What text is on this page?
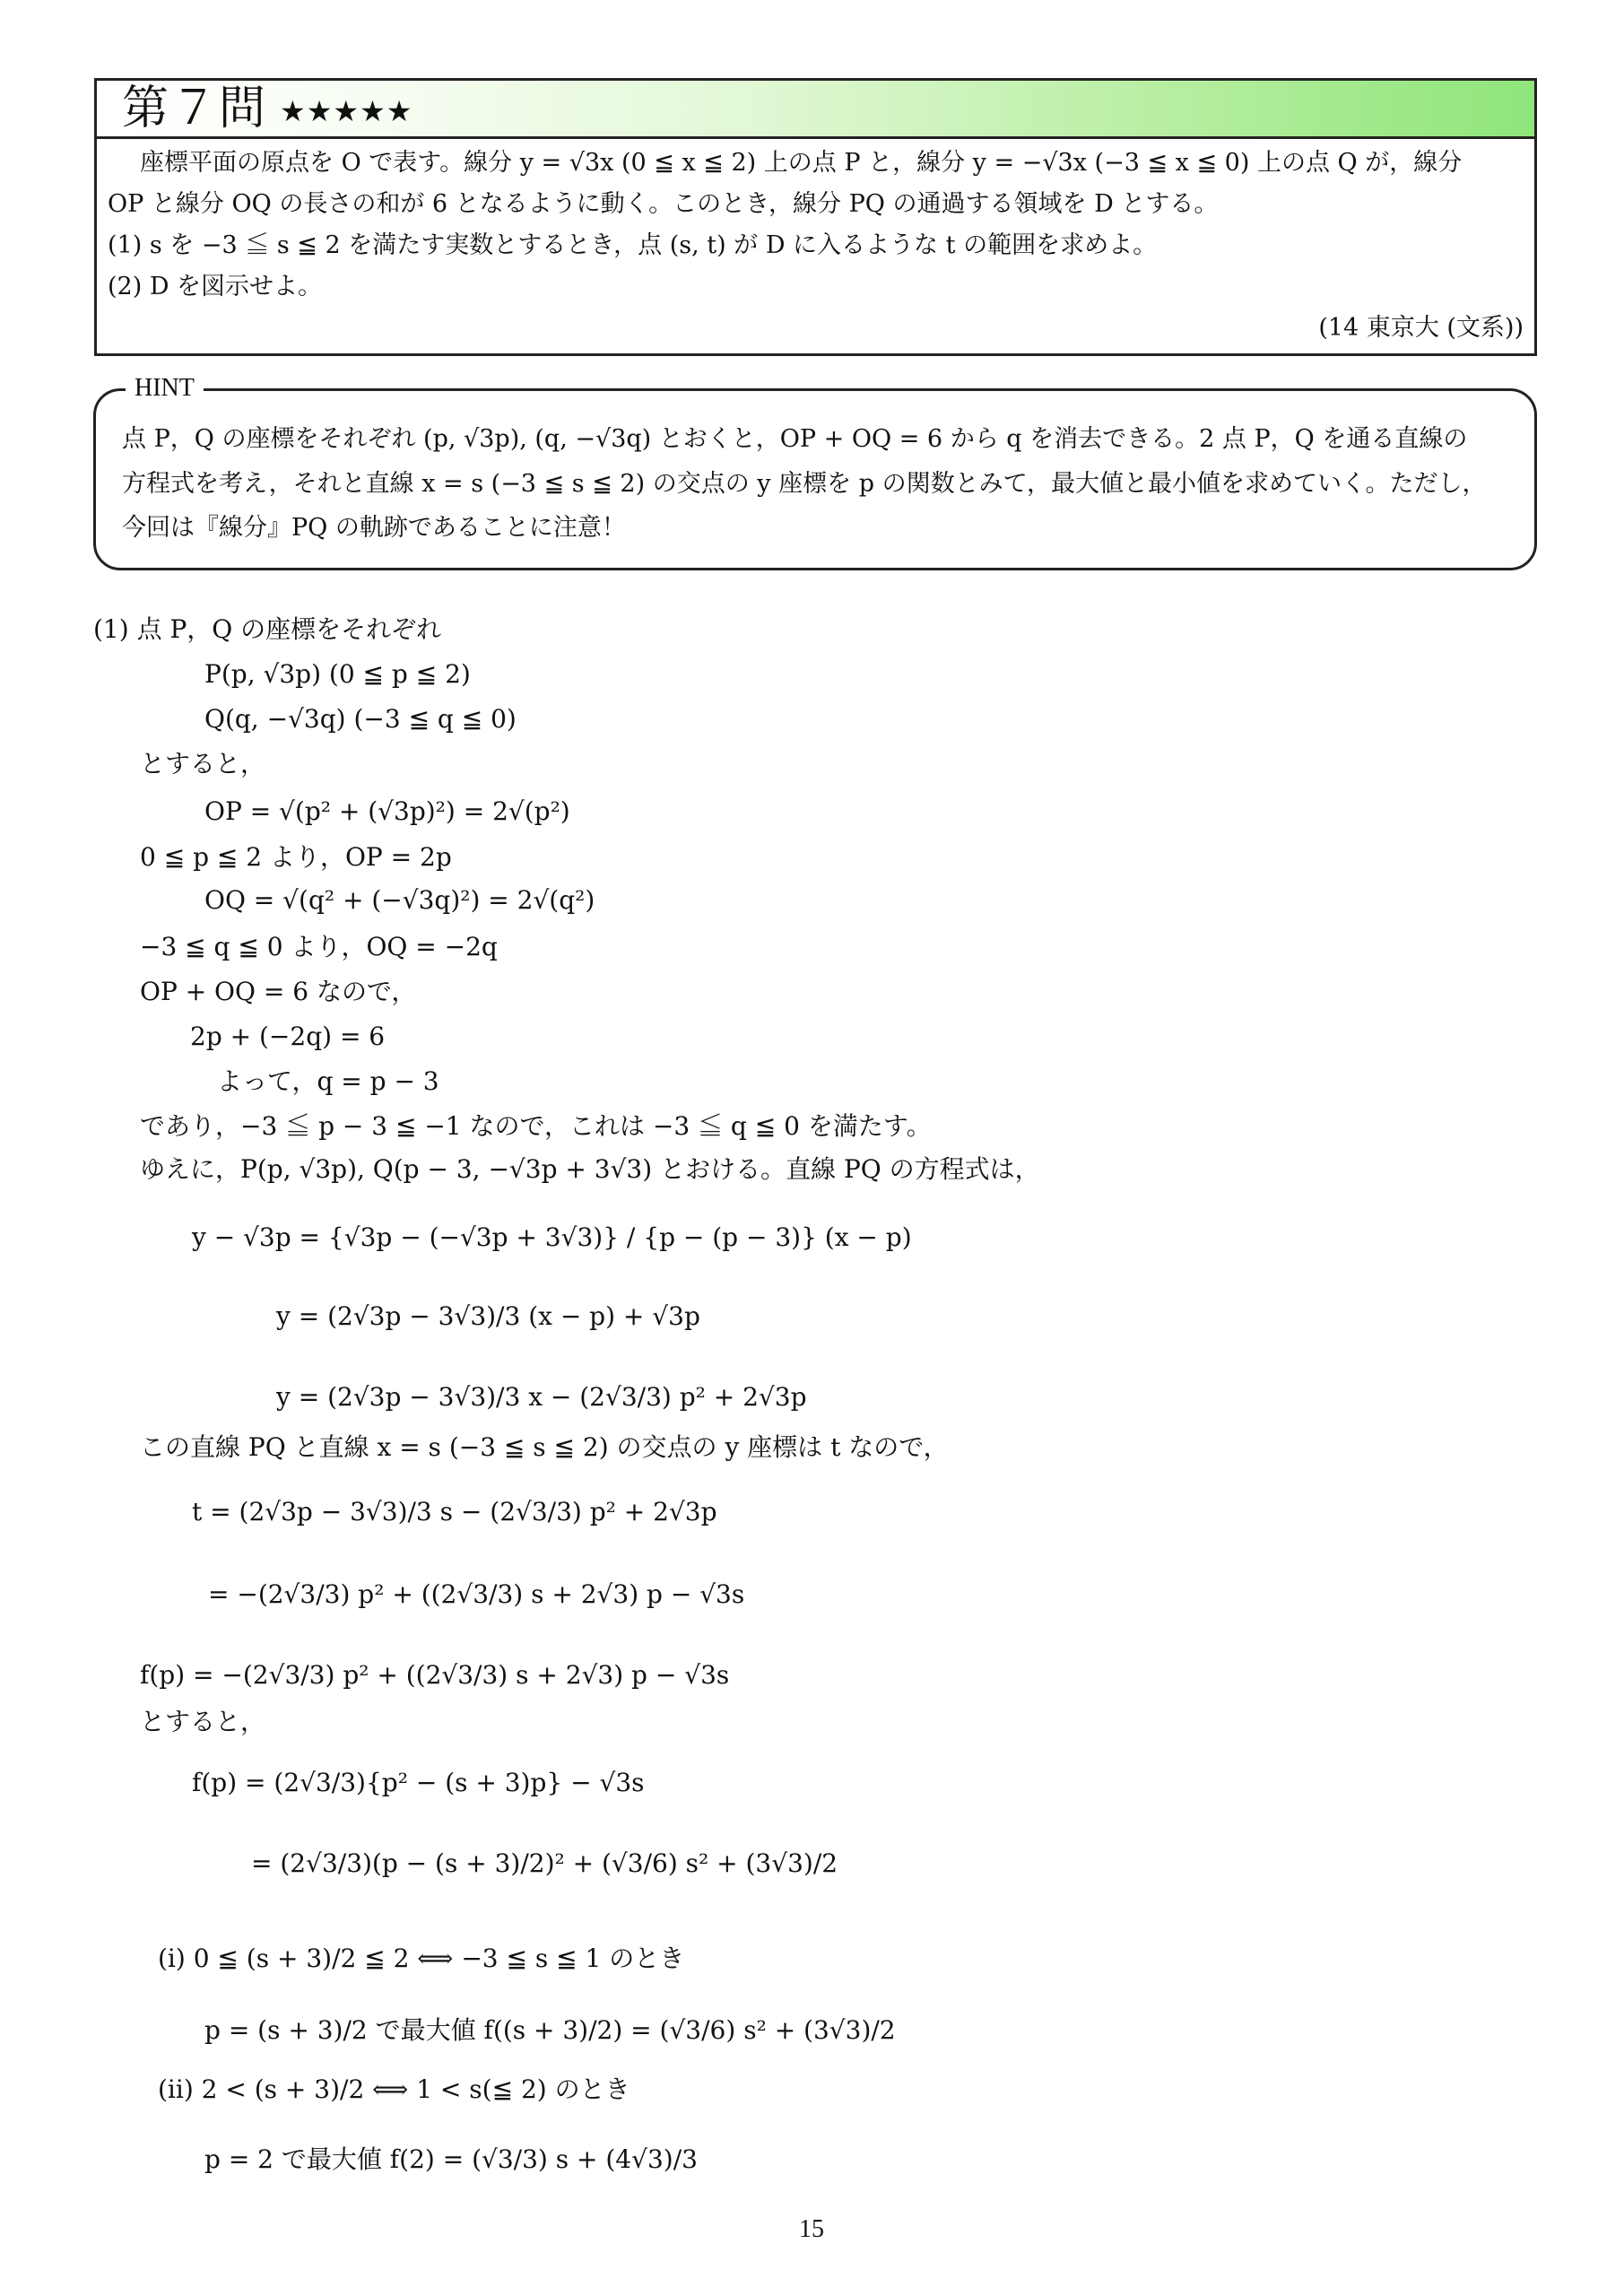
第７問 ★★★★★
座標平面の原点を O で表す。線分 y = √3x (0 ≦ x ≦ 2) 上の点 P と，線分 y = −√3x (−3 ≦ x ≦ 0) 上の点 Q が，線分
OP と線分 OQ の長さの和が 6 となるように動く。このとき，線分 PQ の通過する領域を D とする。
(1) s を −3 ≦ s ≦ 2 を満たす実数とするとき，点 (s, t) が D に入るような t の範囲を求めよ。
(2) D を図示せよ。
(14 東京大 (文系))
HINT
点 P，Q の座標をそれぞれ (p, √3p), (q, −√3q) とおくと，OP + OQ = 6 から q を消去できる。2 点 P，Q を通る直線の
方程式を考え，それと直線 x = s (−3 ≦ s ≦ 2) の交点の y 座標を p の関数とみて，最大値と最小値を求めていく。ただし，
今回は『線分』PQ の軌跡であることに注意！
(1) 点 P，Q の座標をそれぞれ
P(p, √3p) (0 ≦ p ≦ 2)
Q(q, −√3q) (−3 ≦ q ≦ 0)
とすると，
OP = √(p² + (√3p)²) = 2√(p²)
0 ≦ p ≦ 2 より，OP = 2p
OQ = √(q² + (−√3q)²) = 2√(q²)
−3 ≦ q ≦ 0 より，OQ = −2q
OP + OQ = 6 なので，
2p + (−2q) = 6
よって，q = p − 3
であり，−3 ≦ p − 3 ≦ −1 なので，これは −3 ≦ q ≦ 0 を満たす。
ゆえに，P(p, √3p), Q(p − 3, −√3p + 3√3) とおける。直線 PQ の方程式は，
y − √3p = {√3p − (−√3p + 3√3)} / {p − (p − 3)} (x − p)
y = (2√3p − 3√3)/3 (x − p) + √3p
y = (2√3p − 3√3)/3 x − (2√3/3) p² + 2√3p
この直線 PQ と直線 x = s (−3 ≦ s ≦ 2) の交点の y 座標は t なので，
t = (2√3p − 3√3)/3 s − (2√3/3) p² + 2√3p
= −(2√3/3) p² + ((2√3/3) s + 2√3) p − √3s
f(p) = −(2√3/3) p² + ((2√3/3) s + 2√3) p − √3s
とすると，
f(p) = (2√3/3){p² − (s + 3)p} − √3s
= (2√3/3)(p − (s + 3)/2)² + (√3/6) s² + (3√3)/2
(i) 0 ≦ (s + 3)/2 ≦ 2 ⟺ −3 ≦ s ≦ 1 のとき
p = (s + 3)/2 で最大値 f((s + 3)/2) = (√3/6) s² + (3√3)/2
(ii) 2 < (s + 3)/2 ⟺ 1 < s(≦ 2) のとき
p = 2 で最大値 f(2) = (√3/3) s + (4√3)/3
15
